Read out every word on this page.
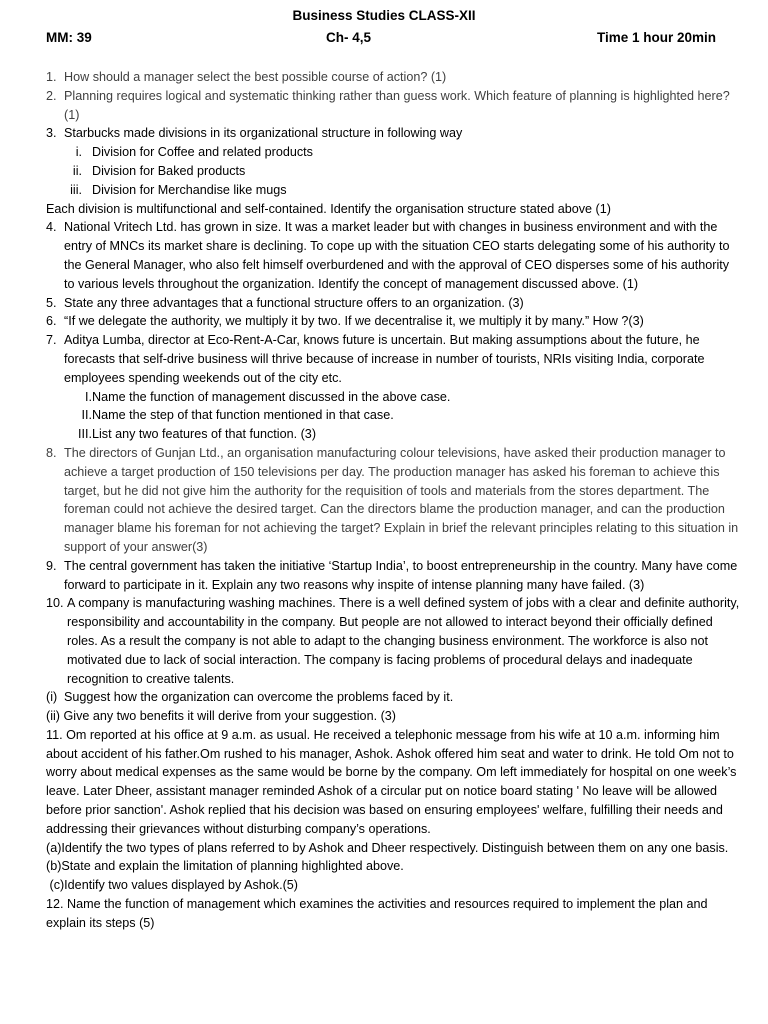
Business Studies CLASS-XII
MM: 39	Ch- 4,5	Time 1 hour 20min
1. How should a manager select the best possible course of action? (1)
2. Planning requires logical and systematic thinking rather than guess work. Which feature of planning is highlighted here? (1)
3. Starbucks made divisions in its organizational structure in following way
i. Division for Coffee and related products
ii. Division for Baked products
iii. Division for Merchandise like mugs
Each division is multifunctional and self-contained. Identify the organisation structure stated above (1)
4. National Vritech Ltd. has grown in size. It was a market leader but with changes in business environment and with the entry of MNCs its market share is declining. To cope up with the situation CEO starts delegating some of his authority to the General Manager, who also felt himself overburdened and with the approval of CEO disperses some of his authority to various levels throughout the organization. Identify the concept of management discussed above. (1)
5. State any three advantages that a functional structure offers to an organization. (3)
6. “If we delegate the authority, we multiply it by two. If we decentralise it, we multiply it by many.” How ?(3)
7. Aditya Lumba, director at Eco-Rent-A-Car, knows future is uncertain. But making assumptions about the future, he forecasts that self-drive business will thrive because of increase in number of tourists, NRIs visiting India, corporate employees spending weekends out of the city etc.
I. Name the function of management discussed in the above case.
II. Name the step of that function mentioned in that case.
III. List any two features of that function. (3)
8. The directors of Gunjan Ltd., an organisation manufacturing colour televisions, have asked their production manager to achieve a target production of 150 televisions per day. The production manager has asked his foreman to achieve this target, but he did not give him the authority for the requisition of tools and materials from the stores department. The foreman could not achieve the desired target. Can the directors blame the production manager, and can the production manager blame his foreman for not achieving the target? Explain in brief the relevant principles relating to this situation in support of your answer(3)
9. The central government has taken the initiative ‘Startup India’, to boost entrepreneurship in the country. Many have come forward to participate in it. Explain any two reasons why inspite of intense planning many have failed. (3)
10. A company is manufacturing washing machines. There is a well defined system of jobs with a clear and definite authority, responsibility and accountability in the company. But people are not allowed to interact beyond their officially defined roles. As a result the company is not able to adapt to the changing business environment. The workforce is also not motivated due to lack of social interaction. The company is facing problems of procedural delays and inadequate recognition to creative talents.
(i) Suggest how the organization can overcome the problems faced by it.
(ii) Give any two benefits it will derive from your suggestion. (3)
11. Om reported at his office at 9 a.m. as usual. He received a telephonic message from his wife at 10 a.m. informing him about accident of his father.Om rushed to his manager, Ashok. Ashok offered him seat and water to drink. He told Om not to worry about medical expenses as the same would be borne by the company. Om left immediately for hospital on one week’s leave. Later Dheer, assistant manager reminded Ashok of a circular put on notice board stating ' No leave will be allowed before prior sanction'. Ashok replied that his decision was based on ensuring employees' welfare, fulfilling their needs and addressing their grievances without disturbing company’s operations.
(a)Identify the two types of plans referred to by Ashok and Dheer respectively. Distinguish between them on any one basis.
(b)State and explain the limitation of planning highlighted above.
(c)Identify two values displayed by Ashok.(5)
12. Name the function of management which examines the activities and resources required to implement the plan and explain its steps (5)
